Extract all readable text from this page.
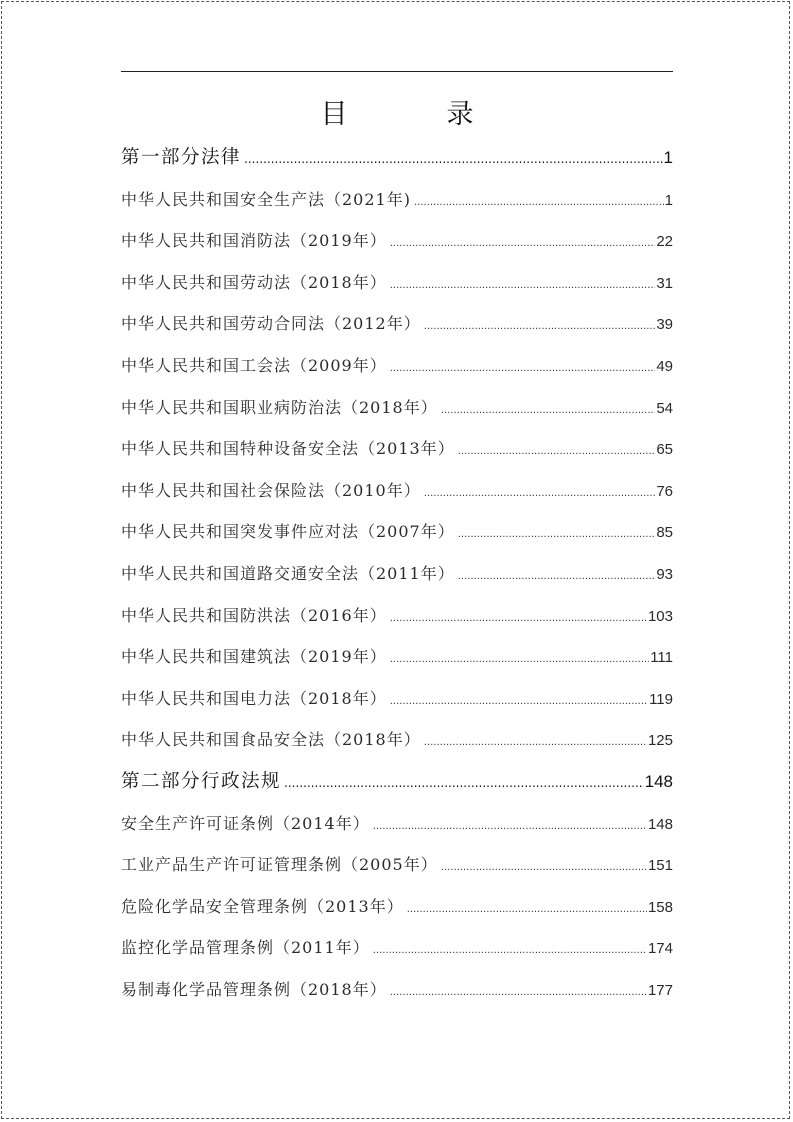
目　录
第一部分法律 .....	1
中华人民共和国安全生产法（2021年) .....	1
中华人民共和国消防法（2019年） .....	22
中华人民共和国劳动法（2018年） .....	31
中华人民共和国劳动合同法（2012年） .....	39
中华人民共和国工会法（2009年） .....	49
中华人民共和国职业病防治法（2018年） .....	54
中华人民共和国特种设备安全法（2013年） .....	65
中华人民共和国社会保险法（2010年） .....	76
中华人民共和国突发事件应对法（2007年） .....	85
中华人民共和国道路交通安全法（2011年） .....	93
中华人民共和国防洪法（2016年） .....	103
中华人民共和国建筑法（2019年） .....	111
中华人民共和国电力法（2018年） .....	119
中华人民共和国食品安全法（2018年） .....	125
第二部分行政法规 .....	148
安全生产许可证条例（2014年） .....	148
工业产品生产许可证管理条例（2005年） .....	151
危险化学品安全管理条例（2013年） .....	158
监控化学品管理条例（2011年） .....	174
易制毒化学品管理条例（2018年） .....	177
